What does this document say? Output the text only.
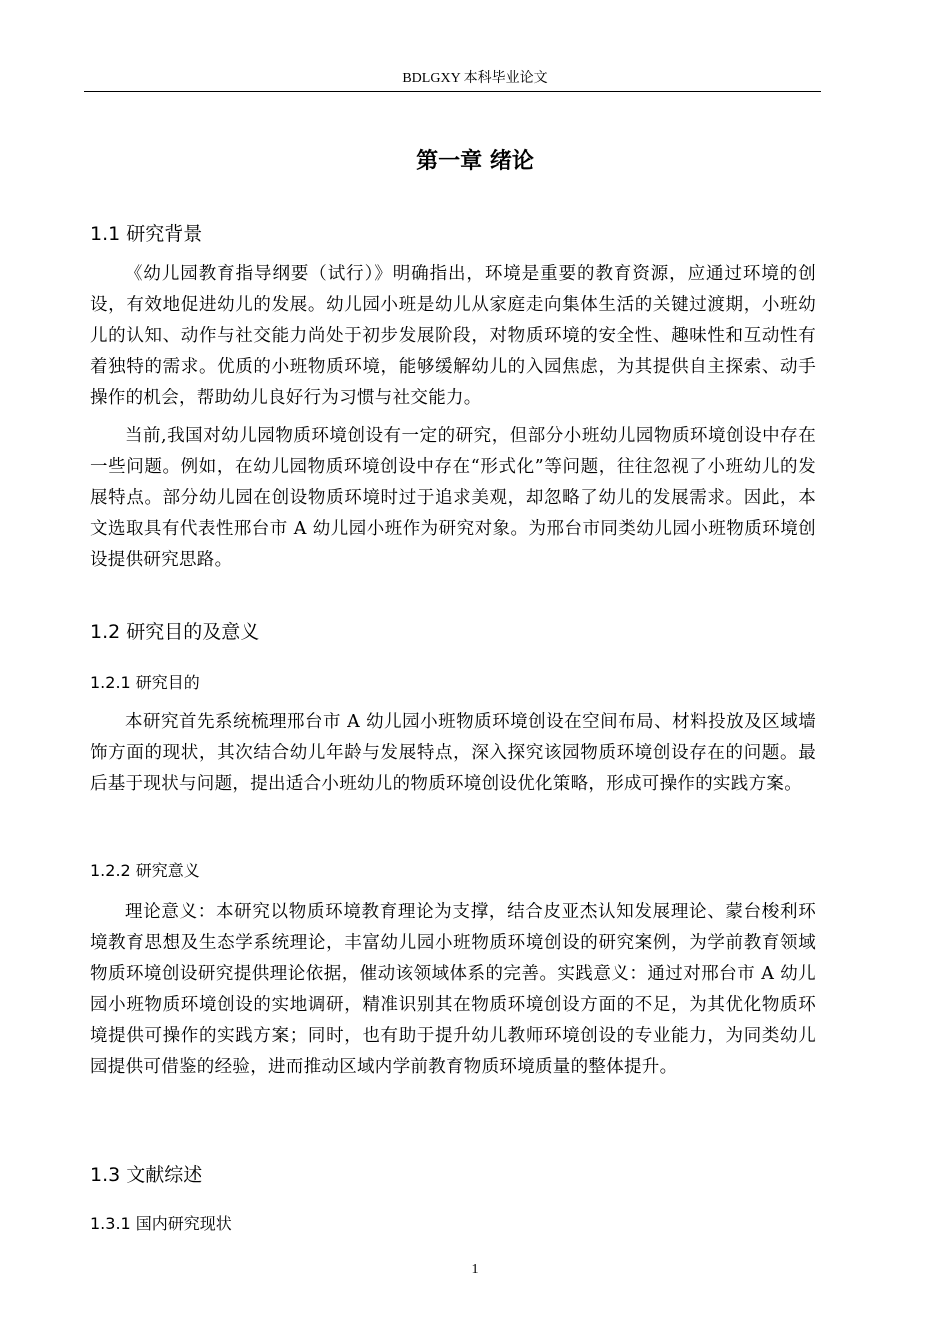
BDLGXY 本科毕业论文
第一章 绪论
1.1 研究背景

《幼儿园教育指导纲要（试行）》明确指出，环境是重要的教育资源，应通过环境的创设，有效地促进幼儿的发展。幼儿园小班是幼儿从家庭走向集体生活的关键过渡期，小班幼儿的认知、动作与社交能力尚处于初步发展阶段，对物质环境的安全性、趣味性和互动性有着独特的需求。优质的小班物质环境，能够缓解幼儿的入园焦虑，为其提供自主探索、动手操作的机会，帮助幼儿良好行为习惯与社交能力。

当前,我国对幼儿园物质环境创设有一定的研究，但部分小班幼儿园物质环境创设中存在一些问题。例如，在幼儿园物质环境创设中存在“形式化”等问题，往往忽视了小班幼儿的发展特点。部分幼儿园在创设物质环境时过于追求美观，却忽略了幼儿的发展需求。因此，本文选取具有代表性邢台市 A 幼儿园小班作为研究对象。为邢台市同类幼儿园小班物质环境创设提供研究思路。

1.2 研究目的及意义
1.2.1 研究目的

本研究首先系统梳理邢台市 A 幼儿园小班物质环境创设在空间布局、材料投放及区域墙饰方面的现状，其次结合幼儿年龄与发展特点，深入探究该园物质环境创设存在的问题。最后基于现状与问题，提出适合小班幼儿的物质环境创设优化策略，形成可操作的实践方案。

1.2.2 研究意义

理论意义：本研究以物质环境教育理论为支撑，结合皮亚杰认知发展理论、蒙台梭利环境教育思想及生态学系统理论，丰富幼儿园小班物质环境创设的研究案例，为学前教育领域物质环境创设研究提供理论依据，催动该领域体系的完善。实践意义：通过对邢台市 A 幼儿园小班物质环境创设的实地调研，精准识别其在物质环境创设方面的不足，为其优化物质环境提供可操作的实践方案；同时，也有助于提升幼儿教师环境创设的专业能力，为同类幼儿园提供可借鉴的经验，进而推动区域内学前教育物质环境质量的整体提升。

1.3 文献综述
1.3.1 国内研究现状
1
